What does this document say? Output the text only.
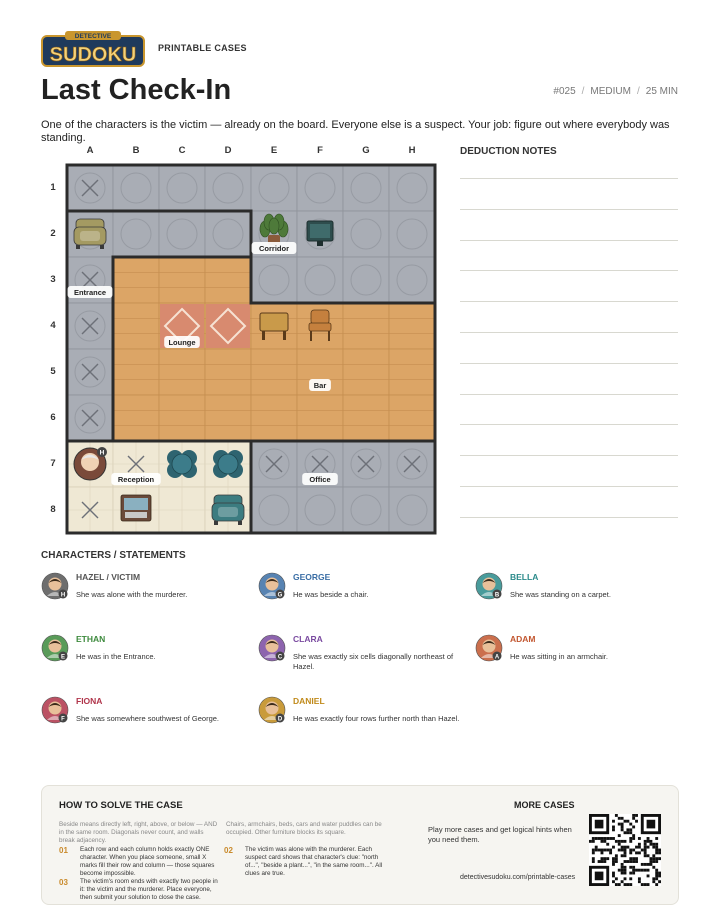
DETECTIVE
SUDOKU PRINTABLE CASES
Last Check-In	#025 / MEDIUM / 25 MIN
One of the characters is the victim — already on the board. Everyone else is a suspect. Your job: figure out where everybody was standing.
A	B	C	D	E	F	G	H
1
2
3
4
5
6
7
8
H
Corridor
Entrance
Lounge
Bar
Reception	Office
DEDUCTION NOTES
CHARACTERS / STATEMENTS
H
HAZEL / VICTIM
She was alone with the murderer.	G
GEORGE
He was beside a chair.	B
BELLA
She was standing on a carpet.
E
ETHAN
He was in the Entrance.	C
CLARA
She was exactly six cells diagonally northeast of Hazel.
A
ADAM
He was sitting in an armchair.
F
FIONA
She was somewhere southwest of George.	D
DANIEL
He was exactly four rows further north than Hazel.
HOW TO SOLVE THE CASE
Beside means directly left, right, above, or below — AND in the same room. Diagonals never count, and walls break adjacency.
Chairs, armchairs, beds, cars and water puddles can be occupied. Other furniture blocks its square.
01 Each row and each column holds exactly ONE character. When you place someone, small X marks fill their row and column — those squares become impossible.
02 The victim was alone with the murderer. Each suspect card shows that character's clue: "north of...", "beside a plant...", "in the same room...". All clues are true.
03 The victim's room ends with exactly two people in it: the victim and the murderer. Place everyone, then submit your solution to close the case.
MORE CASES
Play more cases and get logical hints when you need them.
detectivesudoku.com/printable-cases
